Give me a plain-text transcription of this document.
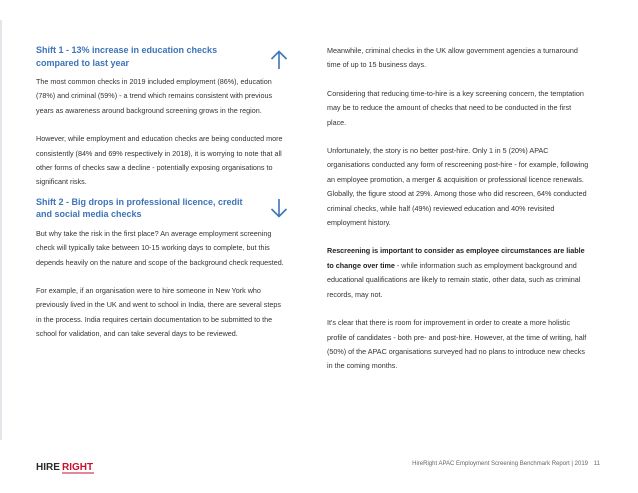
Shift 1 - 13% increase in education checks compared to last year

The most common checks in 2019 included employment (86%), education (78%) and criminal (59%) - a trend which remains consistent with previous years as awareness around background screening grows in the region.

However, while employment and education checks are being conducted more consistently (84% and 69% respectively in 2018), it is worrying to note that all other forms of checks saw a decline - potentially exposing organisations to significant risks.

Shift 2 - Big drops in professional licence, credit and social media checks

But why take the risk in the first place? An average employment screening check will typically take between 10-15 working days to complete, but this depends heavily on the nature and scope of the background check requested.

For example, if an organisation were to hire someone in New York who previously lived in the UK and went to school in India, there are several steps in the process. India requires certain documentation to be submitted to the school for validation, and can take several days to be reviewed.

Meanwhile, criminal checks in the UK allow government agencies a turnaround time of up to 15 business days.

Considering that reducing time-to-hire is a key screening concern, the temptation may be to reduce the amount of checks that need to be conducted in the first place.

Unfortunately, the story is no better post-hire. Only 1 in 5 (20%) APAC organisations conducted any form of rescreening post-hire - for example, following an employee promotion, a merger & acquisition or professional licence renewals. Globally, the figure stood at 29%. Among those who did rescreen, 64% conducted criminal checks, while half (49%) reviewed education and 40% revisited employment history.

Rescreening is important to consider as employee circumstances are liable to change over time - while information such as employment background and educational qualifications are likely to remain static, other data, such as criminal records, may not.

It's clear that there is room for improvement in order to create a more holistic profile of candidates - both pre- and post-hire. However, at the time of writing, half (50%) of the APAC organisations surveyed had no plans to introduce new checks in the coming months.

HIRE RIGHT	HireRight APAC Employment Screening Benchmark Report | 2019 11
